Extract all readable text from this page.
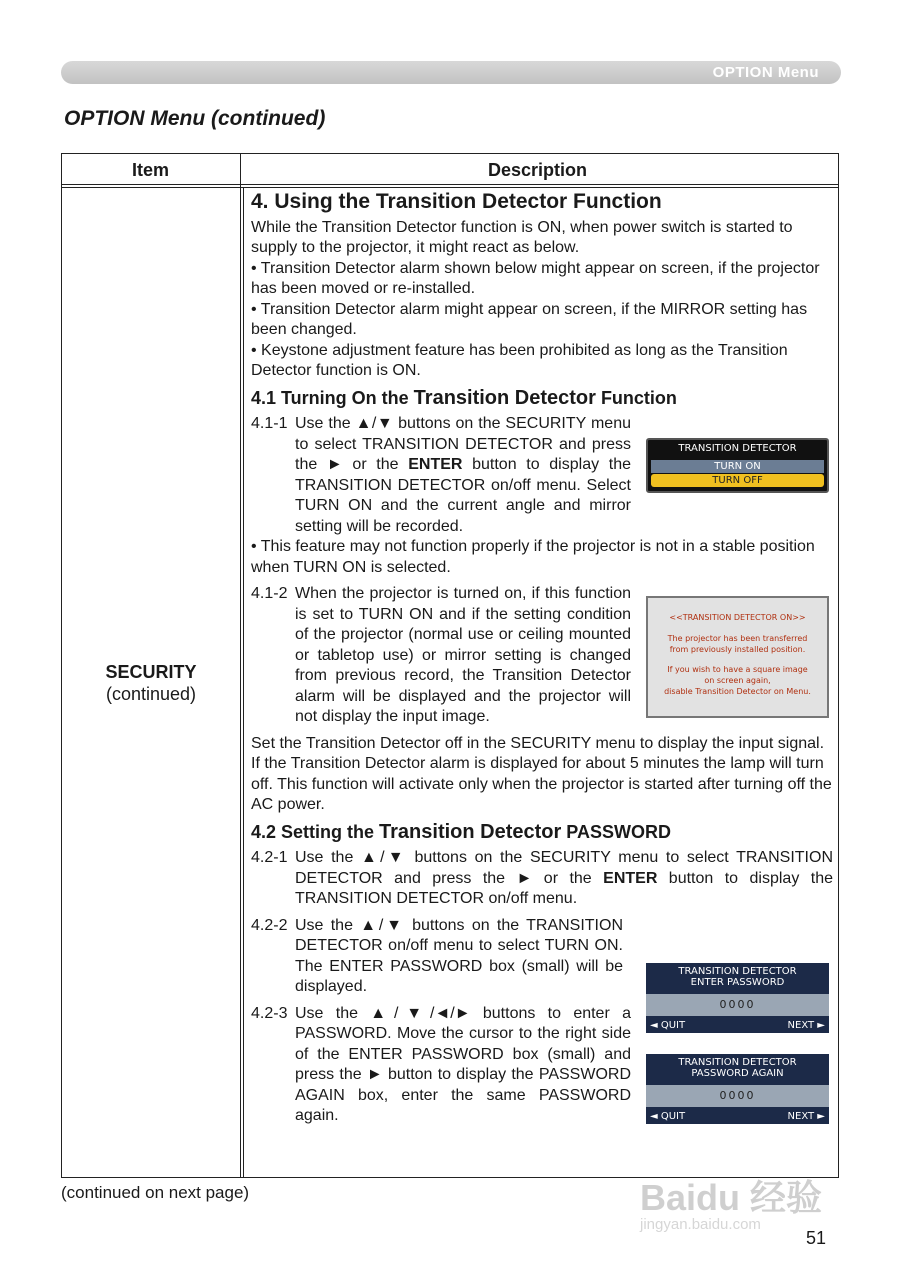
OPTION Menu
OPTION Menu (continued)
Item	Description
SECURITY
(continued)
4. Using the Transition Detector Function

While the Transition Detector function is ON, when power switch is started to supply to the projector, it might react as below.

• Transition Detector alarm shown below might appear on screen, if the projector has been moved or re-installed.

• Transition Detector alarm might appear on screen, if the MIRROR setting has been changed.

• Keystone adjustment feature has been prohibited as long as the Transition Detector function is ON.

4.1 Turning On the Transition Detector Function
4.1-1 Use the ▲/▼ buttons on the SECURITY menu to select TRANSITION DETECTOR and press the ► or the ENTER button to display the TRANSITION DETECTOR on/off menu. Select TURN ON and the current angle and mirror setting will be recorded.

• This feature may not function properly if the projector is not in a stable position when TURN ON is selected.

4.1-2 When the projector is turned on, if this function is set to TURN ON and if the setting condition of the projector (normal use or ceiling mounted or tabletop use) or mirror setting is changed from previous record, the Transition Detector alarm will be displayed and the projector will not display the input image.

Set the Transition Detector off in the SECURITY menu to display the input signal.

If the Transition Detector alarm is displayed for about 5 minutes the lamp will turn off. This function will activate only when the projector is started after turning off the AC power.

4.2 Setting the Transition Detector PASSWORD
4.2-1 Use the ▲/▼ buttons on the SECURITY menu to select TRANSITION DETECTOR and press the ► or the ENTER button to display the TRANSITION DETECTOR on/off menu.
4.2-2 Use the ▲/▼ buttons on the TRANSITION DETECTOR on/off menu to select TURN ON. The ENTER PASSWORD box (small) will be displayed.
4.2-3 Use the ▲/▼/◄/► buttons to enter a PASSWORD. Move the cursor to the right side of the ENTER PASSWORD box (small) and press the ► button to display the PASSWORD AGAIN box, enter the same PASSWORD again.
TRANSITION DETECTOR
TURN ON
TURN OFF
<<TRANSITION DETECTOR ON>>
The projector has been transferred
from previously installed position.
If you wish to have a square image
on screen again,
disable Transition Detector on Menu.
TRANSITION DETECTOR
ENTER PASSWORD
0000
◄ QUIT	NEXT ►
TRANSITION DETECTOR
PASSWORD AGAIN
0000
◄ QUIT	NEXT ►
(continued on next page)	Baidu 经验
jingyan.baidu.com
51
